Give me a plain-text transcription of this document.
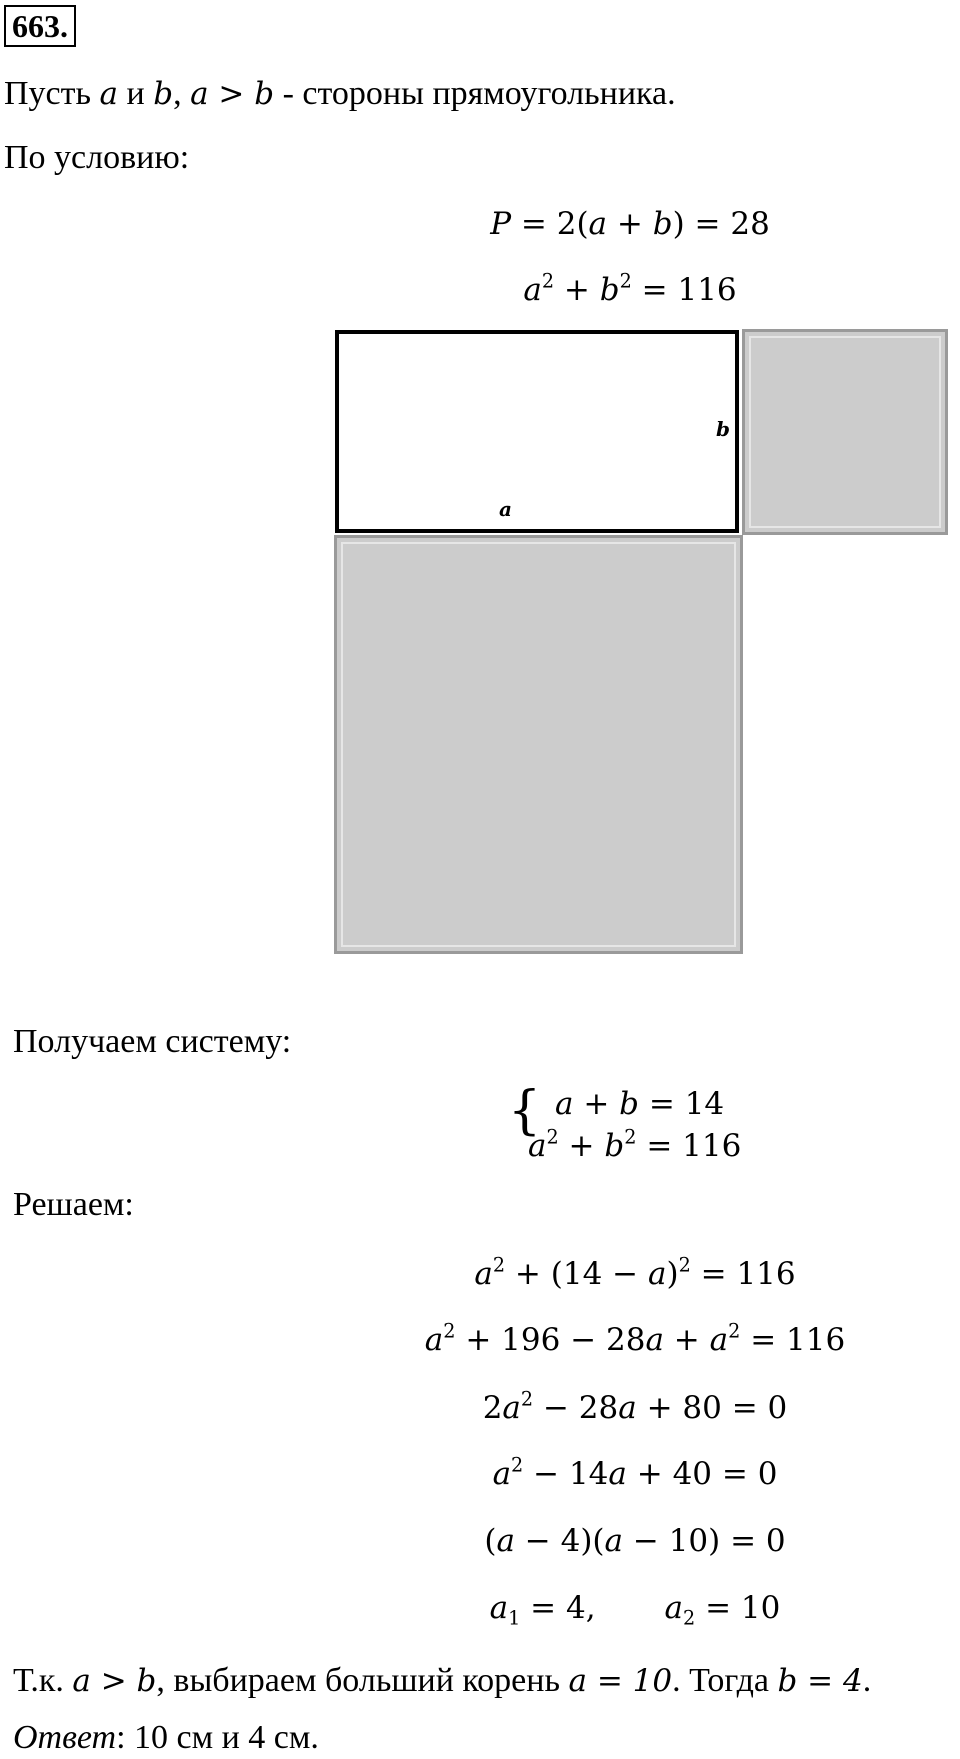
663.
Пусть a и b, a > b - стороны прямоугольника.
По условию:
P = 2(a + b) = 28
$a^2 + b^2 = 116$
a
b
Получаем систему:
{ a + b = 14
$a^2 + b^2 = 116$
Решаем:
$a^2 + (14 - a)^2 = 116$
$a^2 + 196 - 28a + a^2 = 116$
$2a^2 - 28a + 80 = 0$
$a^2 - 14a + 40 = 0$
(a − 4)(a − 10) = 0
$a_1 = 4$,       $a_2 = 10$
Т.к. a > b, выбираем больший корень a = 10. Тогда b = 4.
Ответ: 10 см и 4 см.
